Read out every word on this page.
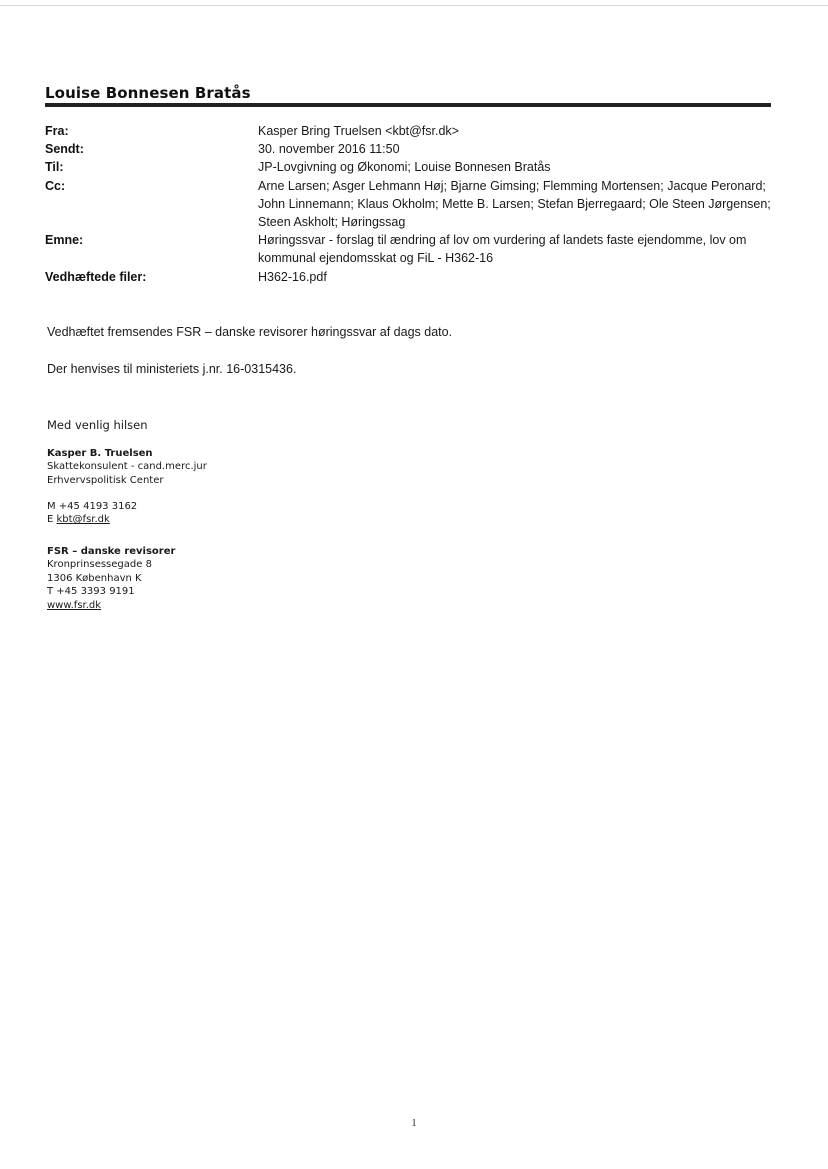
Louise Bonnesen Bratås
Fra:	Kasper Bring Truelsen <kbt@fsr.dk>
Sendt:	30. november 2016 11:50
Til:	JP-Lovgivning og Økonomi; Louise Bonnesen Bratås
Cc:	Arne Larsen; Asger Lehmann Høj; Bjarne Gimsing; Flemming Mortensen; Jacque Peronard; John Linnemann; Klaus Okholm; Mette B. Larsen; Stefan Bjerregaard; Ole Steen Jørgensen; Steen Askholt; Høringssag
Emne:	Høringssvar - forslag til ændring af lov om vurdering af landets faste ejendomme, lov om kommunal ejendomsskat og FiL - H362-16
Vedhæftede filer:	H362-16.pdf
Vedhæftet fremsendes FSR – danske revisorer høringssvar af dags dato.
Der henvises til ministeriets j.nr. 16-0315436.
Med venlig hilsen
Kasper B. Truelsen
Skattekonsulent - cand.merc.jur
Erhvervspolitisk Center
M +45 4193 3162
E kbt@fsr.dk
FSR – danske revisorer
Kronprinsessegade 8
1306 København K
T +45 3393 9191
www.fsr.dk
1
